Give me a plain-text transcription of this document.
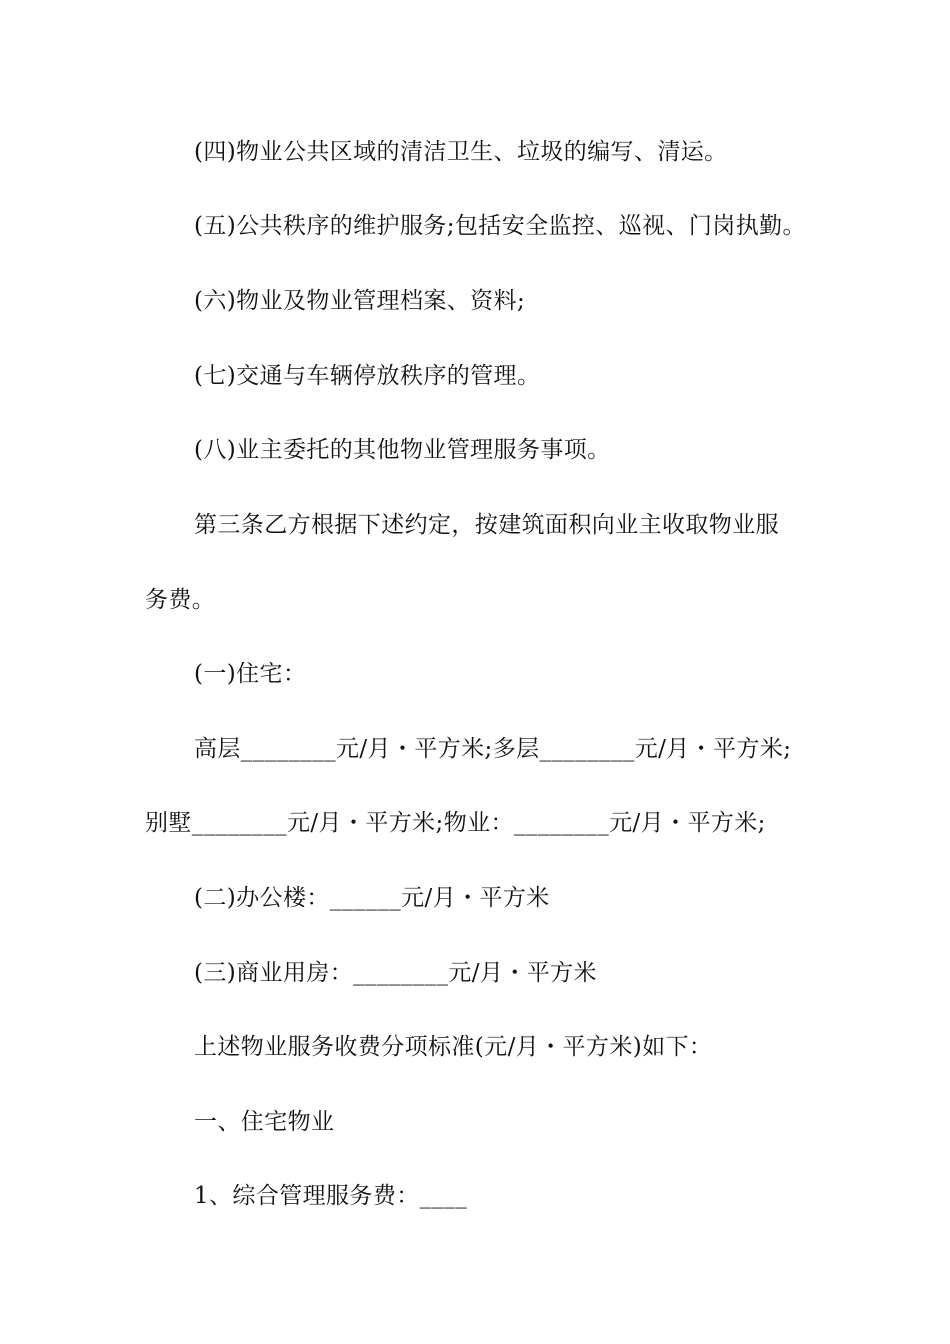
(四)物业公共区域的清洁卫生、垃圾的编写、清运。
(五)公共秩序的维护服务;包括安全监控、巡视、门岗执勤。
(六)物业及物业管理档案、资料;
(七)交通与车辆停放秩序的管理。
(八)业主委托的其他物业管理服务事项。
第三条乙方根据下述约定，按建筑面积向业主收取物业服
务费。
(一)住宅：
高层________元/月・平方米;多层________元/月・平方米;
别墅________元/月・平方米;物业：________元/月・平方米;
(二)办公楼：______元/月・平方米
(三)商业用房：________元/月・平方米
上述物业服务收费分项标准(元/月・平方米)如下：
一、住宅物业
1、综合管理服务费：____
